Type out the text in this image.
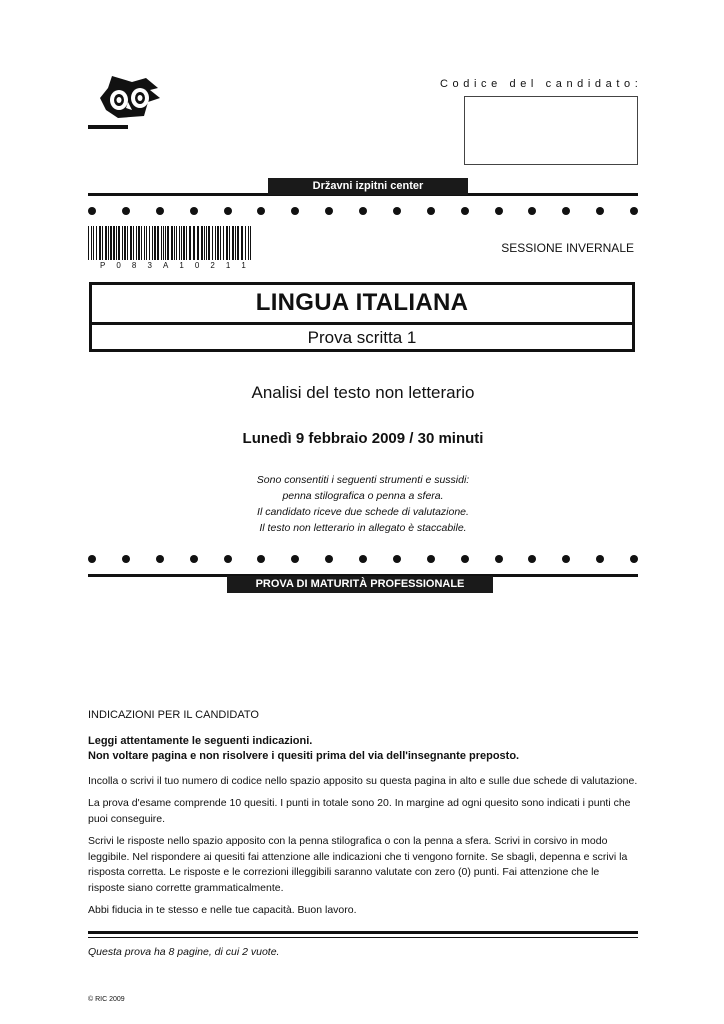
Codice del candidato:
Državni izpitni center
P 0 8 3 A 1 0 2 1 1
SESSIONE INVERNALE
LINGUA ITALIANA
Prova scritta 1
Analisi del testo non letterario
Lunedì 9 febbraio 2009 / 30 minuti
Sono consentiti i seguenti strumenti e sussidi:
penna stilografica o penna a sfera.
Il candidato riceve due schede di valutazione.
Il testo non letterario in allegato è staccabile.
PROVA DI MATURITÀ PROFESSIONALE

INDICAZIONI PER IL CANDIDATO

Leggi attentamente le seguenti indicazioni.
Non voltare pagina e non risolvere i quesiti prima del via dell'insegnante preposto.

Incolla o scrivi il tuo numero di codice nello spazio apposito su questa pagina in alto e sulle due schede di valutazione.

La prova d'esame comprende 10 quesiti. I punti in totale sono 20. In margine ad ogni quesito sono indicati i punti che puoi conseguire.

Scrivi le risposte nello spazio apposito con la penna stilografica o con la penna a sfera. Scrivi in corsivo in modo leggibile. Nel rispondere ai quesiti fai attenzione alle indicazioni che ti vengono fornite. Se sbagli, depenna e scrivi la risposta corretta. Le risposte e le correzioni illeggibili saranno valutate con zero (0) punti. Fai attenzione che le risposte siano corrette grammaticalmente.

Abbi fiducia in te stesso e nelle tue capacità. Buon lavoro.

Questa prova ha 8 pagine, di cui 2 vuote.
© RIC 2009
